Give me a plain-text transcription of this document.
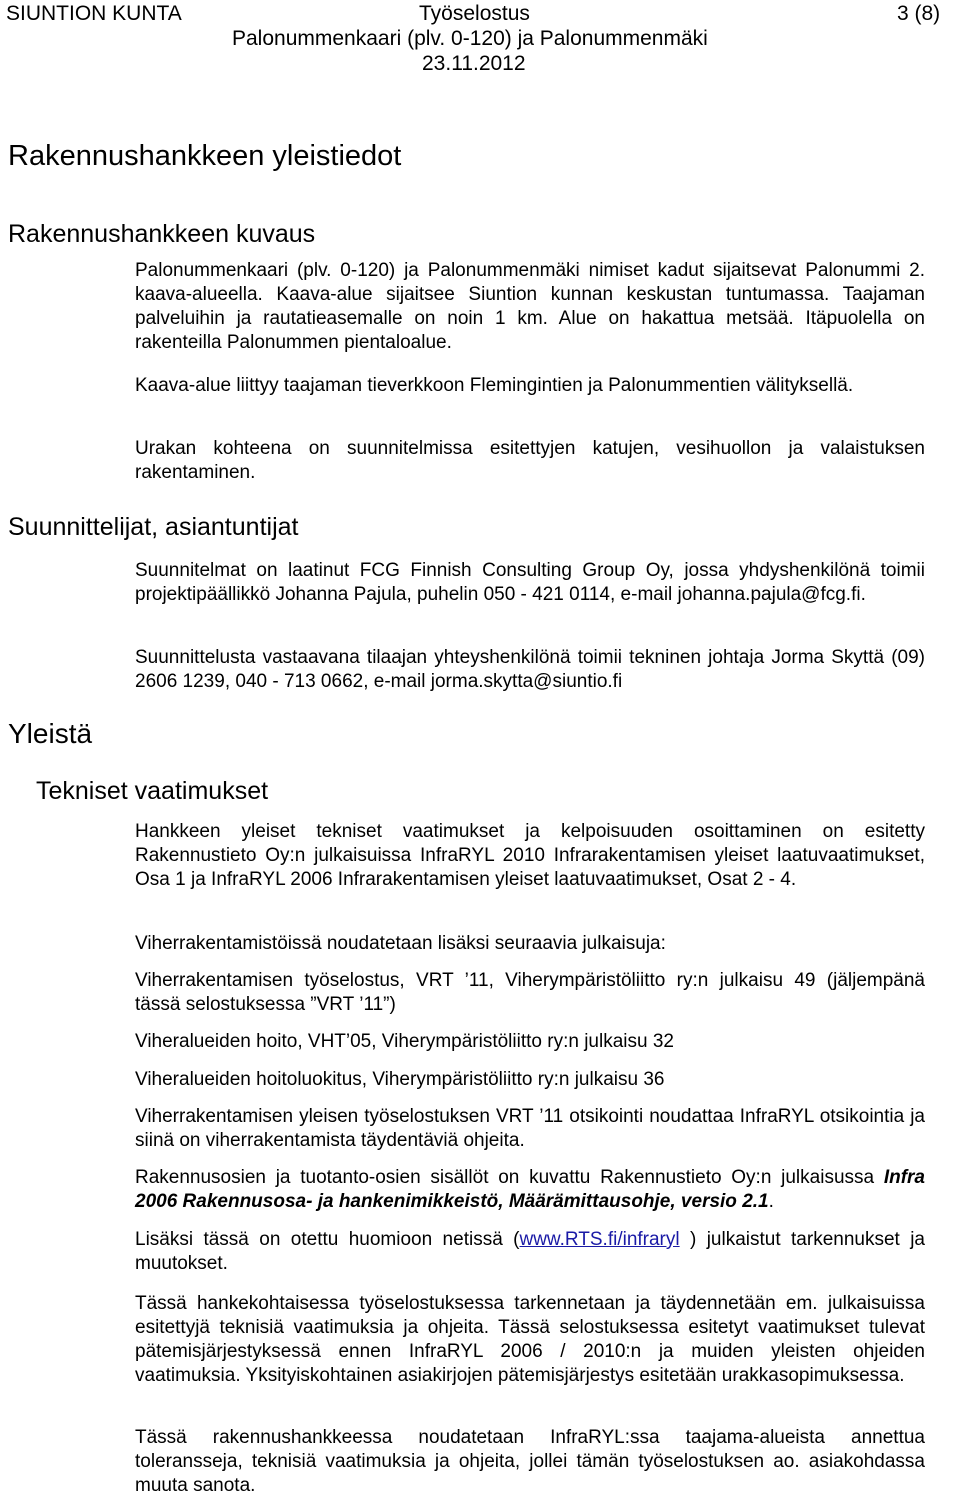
SIUNTION KUNTA	Työselostus	3 (8)
Palonummenkaari (plv. 0-120) ja Palonummenmäki
23.11.2012
Rakennushankkeen yleistiedot
Rakennushankkeen kuvaus

Palonummenkaari (plv. 0-120) ja Palonummenmäki nimiset kadut sijaitsevat Palonummi 2. kaava-alueella. Kaava-alue sijaitsee Siuntion kunnan keskustan tuntumassa. Taajaman palveluihin ja rautatieasemalle on noin 1 km. Alue on hakattua metsää. Itäpuolella on rakenteilla Palonummen pientaloalue.

Kaava-alue liittyy taajaman tieverkkoon Flemingintien ja Palonummentien välityksellä.

Urakan kohteena on suunnitelmissa esitettyjen katujen, vesihuollon ja valaistuksen rakentaminen.

Suunnittelijat, asiantuntijat

Suunnitelmat on laatinut FCG Finnish Consulting Group Oy, jossa yhdyshenkilönä toimii projektipäällikkö Johanna Pajula, puhelin 050 - 421 0114, e-mail johanna.pajula@fcg.fi.

Suunnittelusta vastaavana tilaajan yhteyshenkilönä toimii tekninen johtaja Jorma Skyttä (09) 2606 1239, 040 - 713 0662, e-mail jorma.skytta@siuntio.fi

Yleistä
Tekniset vaatimukset

Hankkeen yleiset tekniset vaatimukset ja kelpoisuuden osoittaminen on esitetty Rakennustieto Oy:n julkaisuissa InfraRYL 2010 Infrarakentamisen yleiset laatuvaatimukset, Osa 1 ja InfraRYL 2006 Infrarakentamisen yleiset laatuvaatimukset, Osat 2 - 4.

Viherrakentamistöissä noudatetaan lisäksi seuraavia julkaisuja:

Viherrakentamisen työselostus, VRT ’11, Viherympäristöliitto ry:n julkaisu 49 (jäljempänä tässä selostuksessa ”VRT ’11”)

Viheralueiden hoito, VHT’05, Viherympäristöliitto ry:n julkaisu 32

Viheralueiden hoitoluokitus, Viherympäristöliitto ry:n julkaisu 36

Viherrakentamisen yleisen työselostuksen VRT ’11 otsikointi noudattaa InfraRYL otsikointia ja siinä on viherrakentamista täydentäviä ohjeita.

Rakennusosien ja tuotanto-osien sisällöt on kuvattu Rakennustieto Oy:n julkaisussa Infra 2006 Rakennusosa- ja hankenimikkeistö, Määrämittausohje, versio 2.1.

Lisäksi tässä on otettu huomioon netissä (www.RTS.fi/infraryl ) julkaistut tarkennukset ja muutokset.

Tässä hankekohtaisessa työselostuksessa tarkennetaan ja täydennetään em. julkaisuissa esitettyjä teknisiä vaatimuksia ja ohjeita. Tässä selostuksessa esitetyt vaatimukset tulevat pätemisjärjestyksessä ennen InfraRYL 2006 / 2010:n ja muiden yleisten ohjeiden vaatimuksia. Yksityiskohtainen asiakirjojen pätemisjärjestys esitetään urakkasopimuksessa.

Tässä rakennushankkeessa noudatetaan InfraRYL:ssa taajama-alueista annettua toleransseja, teknisiä vaatimuksia ja ohjeita, jollei tämän työselostuksen ao. asiakohdassa muuta sanota.
